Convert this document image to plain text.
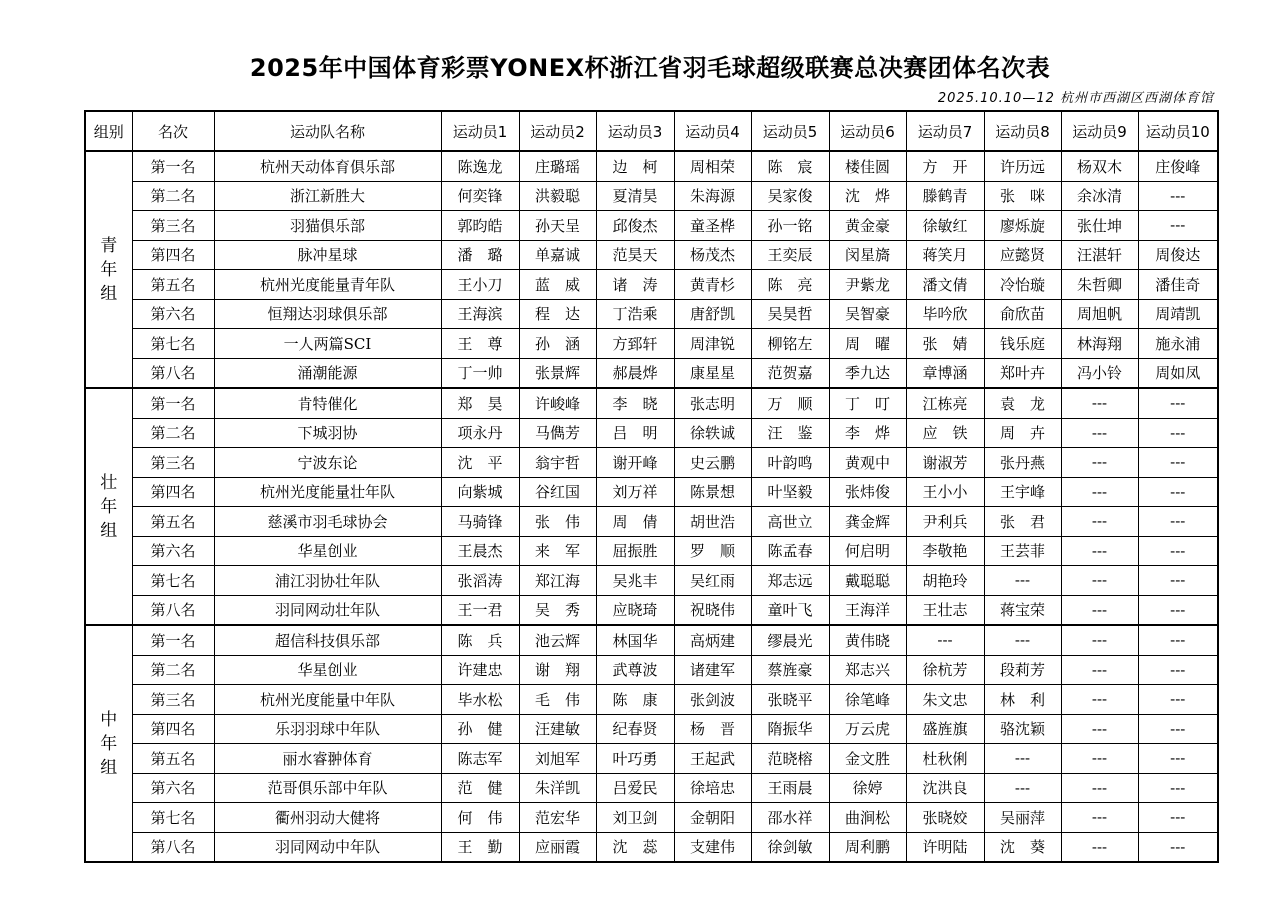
2025年中国体育彩票YONEX杯浙江省羽毛球超级联赛总决赛团体名次表
2025.10.10—12 杭州市西湖区西湖体育馆
组别	名次	运动队名称	运动员1	运动员2	运动员3	运动员4	运动员5	运动员6	运动员7	运动员8	运动员9	运动员10
青年组	第一名	杭州天动体育俱乐部	陈逸龙	庄璐瑶	边　柯	周相荣	陈　宸	楼佳圆	方　开	许历远	杨双木	庄俊峰
	第二名	浙江新胜大	何奕锋	洪毅聪	夏清昊	朱海源	吴家俊	沈　烨	滕鹤青	张　咪	余冰清	---
	第三名	羽猫俱乐部	郭昀皓	孙天呈	邱俊杰	童圣桦	孙一铭	黄金豪	徐敏红	廖烁旋	张仕坤	---
	第四名	脉冲星球	潘　璐	单嘉诚	范昊天	杨茂杰	王奕辰	闵星旖	蒋笑月	应懿贤	汪湛轩	周俊达
	第五名	杭州光度能量青年队	王小刀	蓝　威	诸　涛	黄青杉	陈　亮	尹紫龙	潘文倩	冷怡璇	朱哲卿	潘佳奇
	第六名	恒翔达羽球俱乐部	王海滨	程　达	丁浩乘	唐舒凯	吴昊哲	吴智豪	毕吟欣	俞欣苗	周旭帆	周靖凯
	第七名	一人两篇SCI	王　尊	孙　涵	方郅轩	周津锐	柳铭左	周　曜	张　婧	钱乐庭	林海翔	施永浦
	第八名	涌潮能源	丁一帅	张景辉	郝晨烨	康星星	范贺嘉	季九达	章博涵	郑叶卉	冯小铃	周如凤
壮年组	第一名	肯特催化	郑　昊	许峻峰	李　晓	张志明	万　顺	丁　叮	江栋亮	袁　龙	---	---
	第二名	下城羽协	项永丹	马儁芳	吕　明	徐轶诚	汪　鉴	李　烨	应　铁	周　卉	---	---
	第三名	宁波东论	沈　平	翁宇哲	谢开峰	史云鹏	叶韵鸣	黄观中	谢淑芳	张丹燕	---	---
	第四名	杭州光度能量壮年队	向紫城	谷红国	刘万祥	陈景想	叶坚毅	张炜俊	王小小	王宇峰	---	---
	第五名	慈溪市羽毛球协会	马骑锋	张　伟	周　倩	胡世浩	高世立	龚金辉	尹利兵	张　君	---	---
	第六名	华星创业	王晨杰	来　军	屈振胜	罗　顺	陈孟春	何启明	李敬艳	王芸菲	---	---
	第七名	浦江羽协壮年队	张滔涛	郑江海	吴兆丰	吴红雨	郑志远	戴聪聪	胡艳玲	---	---	---
	第八名	羽同网动壮年队	王一君	吴　秀	应晓琦	祝晓伟	童叶飞	王海洋	王壮志	蒋宝荣	---	---
中年组	第一名	超信科技俱乐部	陈　兵	池云辉	林国华	高炳建	缪晨光	黄伟晓	---	---	---	---
	第二名	华星创业	许建忠	谢　翔	武尊波	诸建军	蔡旌豪	郑志兴	徐杭芳	段莉芳	---	---
	第三名	杭州光度能量中年队	毕水松	毛　伟	陈　康	张剑波	张晓平	徐笔峰	朱文忠	林　利	---	---
	第四名	乐羽羽球中年队	孙　健	汪建敏	纪春贤	杨　晋	隋振华	万云虎	盛旌旗	骆沈颖	---	---
	第五名	丽水睿翀体育	陈志军	刘旭军	叶巧勇	王起武	范晓榕	金文胜	杜秋俐	---	---	---
	第六名	范哥俱乐部中年队	范　健	朱洋凯	吕爱民	徐培忠	王雨晨	徐婷	沈洪良	---	---	---
	第七名	衢州羽动大健将	何　伟	范宏华	刘卫剑	金朝阳	邵水祥	曲涧松	张晓姣	吴丽萍	---	---
	第八名	羽同网动中年队	王　勤	应丽霞	沈　蕊	支建伟	徐剑敏	周利鹏	许明陆	沈　葵	---	---
